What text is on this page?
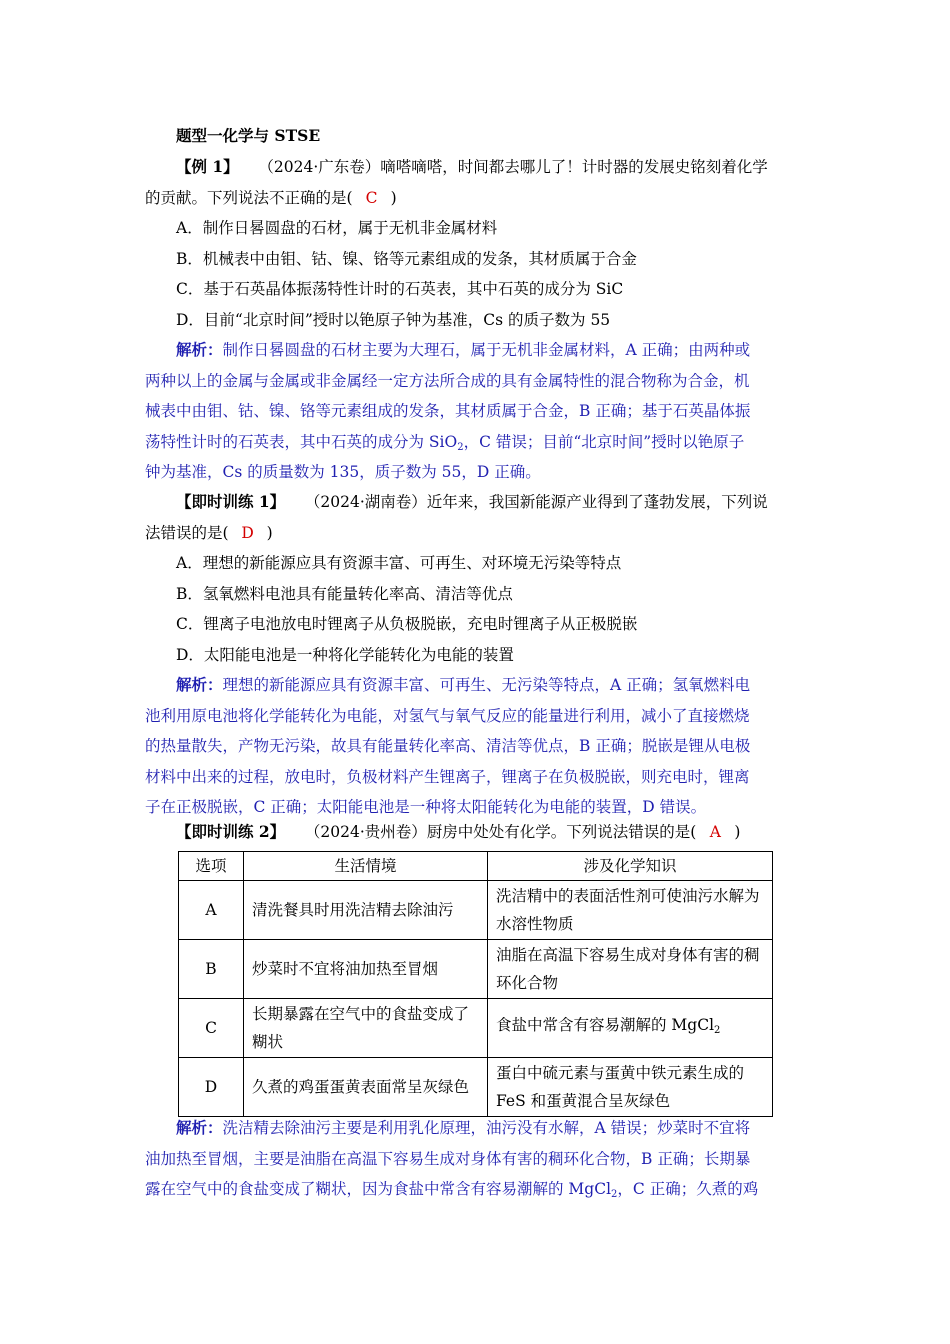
题型一化学与 STSE
【例 1】 （2024·广东卷）嘀嗒嘀嗒，时间都去哪儿了！计时器的发展史铭刻着化学
的贡献。下列说法不正确的是( C )
A．制作日晷圆盘的石材，属于无机非金属材料
B．机械表中由钼、钴、镍、铬等元素组成的发条，其材质属于合金
C．基于石英晶体振荡特性计时的石英表，其中石英的成分为 SiC
D．目前“北京时间”授时以铯原子钟为基准，Cs 的质子数为 55
解析：制作日晷圆盘的石材主要为大理石，属于无机非金属材料，A 正确；由两种或
两种以上的金属与金属或非金属经一定方法所合成的具有金属特性的混合物称为合金，机
械表中由钼、钴、镍、铬等元素组成的发条，其材质属于合金，B 正确；基于石英晶体振
荡特性计时的石英表，其中石英的成分为 SiO$_2$，C 错误；目前“北京时间”授时以铯原子
钟为基准，Cs 的质量数为 135，质子数为 55，D 正确。
【即时训练 1】 （2024·湖南卷）近年来，我国新能源产业得到了蓬勃发展，下列说
法错误的是( D )
A．理想的新能源应具有资源丰富、可再生、对环境无污染等特点
B．氢氧燃料电池具有能量转化率高、清洁等优点
C．锂离子电池放电时锂离子从负极脱嵌，充电时锂离子从正极脱嵌
D．太阳能电池是一种将化学能转化为电能的装置
解析：理想的新能源应具有资源丰富、可再生、无污染等特点，A 正确；氢氧燃料电
池利用原电池将化学能转化为电能，对氢气与氧气反应的能量进行利用，减小了直接燃烧
的热量散失，产物无污染，故具有能量转化率高、清洁等优点，B 正确；脱嵌是锂从电极
材料中出来的过程，放电时，负极材料产生锂离子，锂离子在负极脱嵌，则充电时，锂离
子在正极脱嵌，C 正确；太阳能电池是一种将太阳能转化为电能的装置，D 错误。
【即时训练 2】 （2024·贵州卷）厨房中处处有化学。下列说法错误的是( A )
选项	生活情境	涉及化学知识
A	清洗餐具时用洗洁精去除油污	洗洁精中的表面活性剂可使油污水解为水溶性物质
B	炒菜时不宜将油加热至冒烟	油脂在高温下容易生成对身体有害的稠环化合物
C	长期暴露在空气中的食盐变成了糊状	食盐中常含有容易潮解的 MgCl$_2$
D	久煮的鸡蛋蛋黄表面常呈灰绿色	蛋白中硫元素与蛋黄中铁元素生成的 FeS 和蛋黄混合呈灰绿色
解析：洗洁精去除油污主要是利用乳化原理，油污没有水解，A 错误；炒菜时不宜将
油加热至冒烟，主要是油脂在高温下容易生成对身体有害的稠环化合物，B 正确；长期暴
露在空气中的食盐变成了糊状，因为食盐中常含有容易潮解的 MgCl$_2$，C 正确；久煮的鸡
